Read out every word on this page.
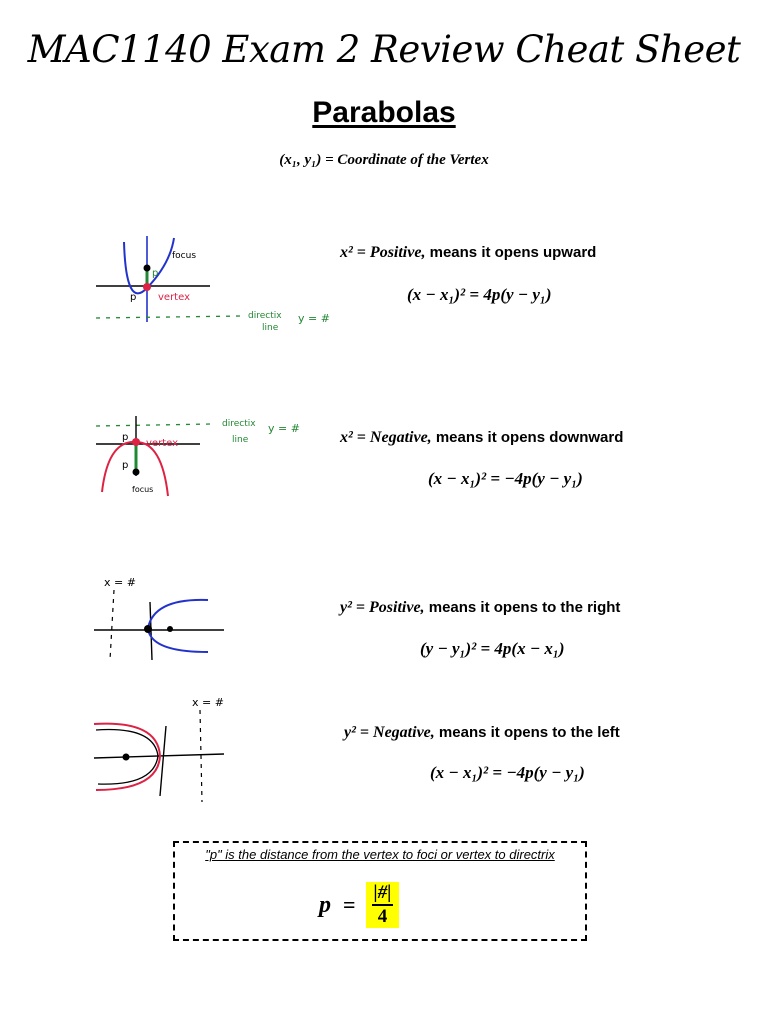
MAC1140 Exam 2 Review Cheat Sheet
Parabolas
(x₁, y₁) = Coordinate of the Vertex
focus
vertex
p
p
directix
line
y = #
x² = Positive, means it opens upward
(x − x₁)² = 4p(y − y₁)
directix
line
y = #
vertex
p
p
focus
x² = Negative, means it opens downward
(x − x₁)² = −4p(y − y₁)
x = #
y² = Positive, means it opens to the right
(y − y₁)² = 4p(x − x₁)
x = #
y² = Negative, means it opens to the left
(x − x₁)² = −4p(y − y₁)
"p" is the distance from the vertex to foci or vertex to directrix
$p = \frac{|\#|}{4}$
